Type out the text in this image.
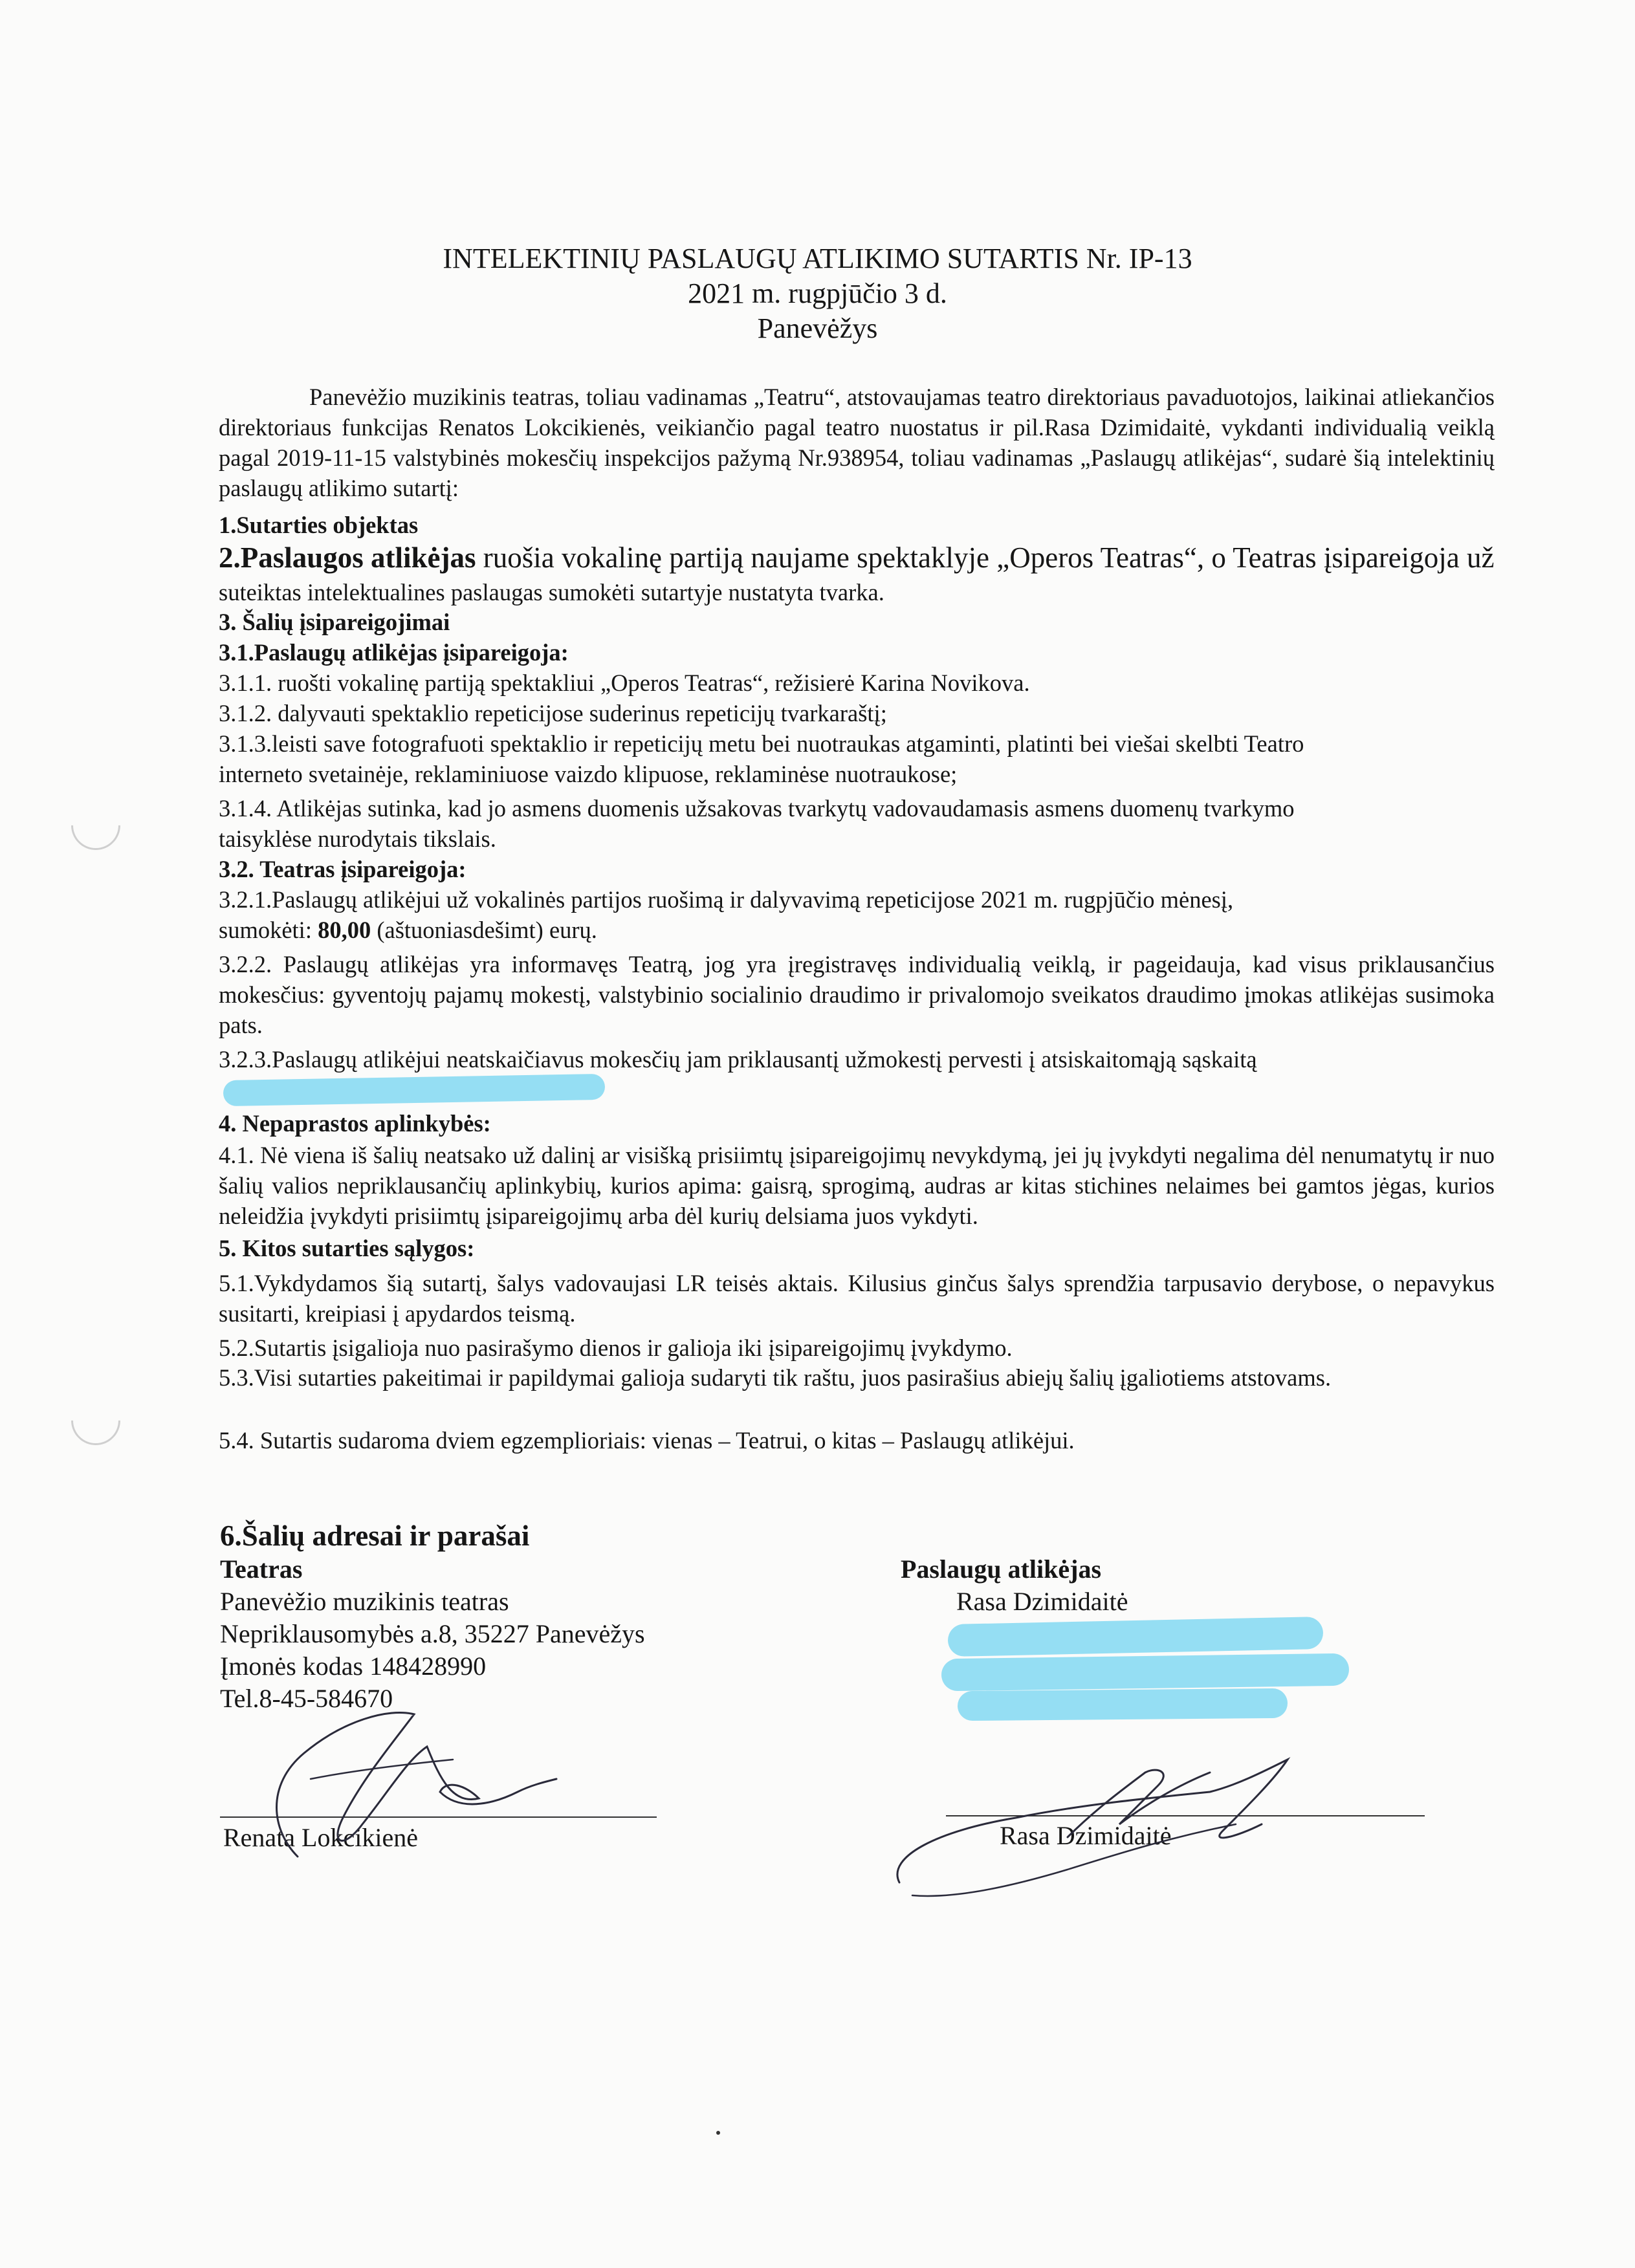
INTELEKTINIŲ PASLAUGŲ ATLIKIMO SUTARTIS Nr. IP-13
2021 m. rugpjūčio 3 d.
Panevėžys
Panevėžio muzikinis teatras, toliau vadinamas „Teatru“, atstovaujamas teatro direktoriaus pavaduotojos, laikinai atliekančios direktoriaus funkcijas Renatos Lokcikienės, veikiančio pagal teatro nuostatus ir pil.Rasa Dzimidaitė, vykdanti individualią veiklą pagal 2019-11-15 valstybinės mokesčių inspekcijos pažymą Nr.938954, toliau vadinamas „Paslaugų atlikėjas“, sudarė šią intelektinių paslaugų atlikimo sutartį:
1.Sutarties objektas
2.Paslaugos atlikėjas ruošia vokalinę partiją naujame spektaklyje „Operos Teatras“, o Teatras įsipareigoja už
suteiktas intelektualines paslaugas sumokėti sutartyje nustatyta tvarka.
3. Šalių įsipareigojimai
3.1.Paslaugų atlikėjas įsipareigoja:
3.1.1. ruošti vokalinę partiją spektakliui „Operos Teatras“, režisierė Karina Novikova.
3.1.2. dalyvauti spektaklio repeticijose suderinus repeticijų tvarkaraštį;
3.1.3.leisti save fotografuoti spektaklio ir repeticijų metu bei nuotraukas atgaminti, platinti bei viešai skelbti Teatro
interneto svetainėje, reklaminiuose vaizdo klipuose, reklaminėse nuotraukose;
3.1.4. Atlikėjas sutinka, kad jo asmens duomenis užsakovas tvarkytų vadovaudamasis asmens duomenų tvarkymo
taisyklėse nurodytais tikslais.
3.2. Teatras įsipareigoja:
3.2.1.Paslaugų atlikėjui už vokalinės partijos ruošimą ir dalyvavimą repeticijose 2021 m. rugpjūčio mėnesį,
sumokėti: 80,00 (aštuoniasdešimt) eurų.
3.2.2. Paslaugų atlikėjas yra informavęs Teatrą, jog yra įregistravęs individualią veiklą, ir pageidauja, kad visus priklausančius mokesčius: gyventojų pajamų mokestį, valstybinio socialinio draudimo ir privalomojo sveikatos draudimo įmokas atlikėjas susimoka pats.
3.2.3.Paslaugų atlikėjui neatskaičiavus mokesčių jam priklausantį užmokestį pervesti į atsiskaitomąją sąskaitą
4. Nepaprastos aplinkybės:
4.1. Nė viena iš šalių neatsako už dalinį ar visišką prisiimtų įsipareigojimų nevykdymą, jei jų įvykdyti negalima dėl nenumatytų ir nuo šalių valios nepriklausančių aplinkybių, kurios apima: gaisrą, sprogimą, audras ar kitas stichines nelaimes bei gamtos jėgas, kurios neleidžia įvykdyti prisiimtų įsipareigojimų arba dėl kurių delsiama juos vykdyti.
5. Kitos sutarties sąlygos:
5.1.Vykdydamos šią sutartį, šalys vadovaujasi LR teisės aktais. Kilusius ginčus šalys sprendžia tarpusavio derybose, o nepavykus susitarti, kreipiasi į apydardos teismą.
5.2.Sutartis įsigalioja nuo pasirašymo dienos ir galioja iki įsipareigojimų įvykdymo.
5.3.Visi sutarties pakeitimai ir papildymai galioja sudaryti tik raštu, juos pasirašius abiejų šalių įgaliotiems atstovams.
5.4. Sutartis sudaroma dviem egzemplioriais: vienas – Teatrui, o kitas – Paslaugų atlikėjui.
6.Šalių adresai ir parašai
Teatras
Panevėžio muzikinis teatras
Nepriklausomybės a.8, 35227 Panevėžys
Įmonės kodas 148428990
Tel.8-45-584670
Renata Lokcikienė
Paslaugų atlikėjas
Rasa Dzimidaitė
Rasa Dzimidaitė
